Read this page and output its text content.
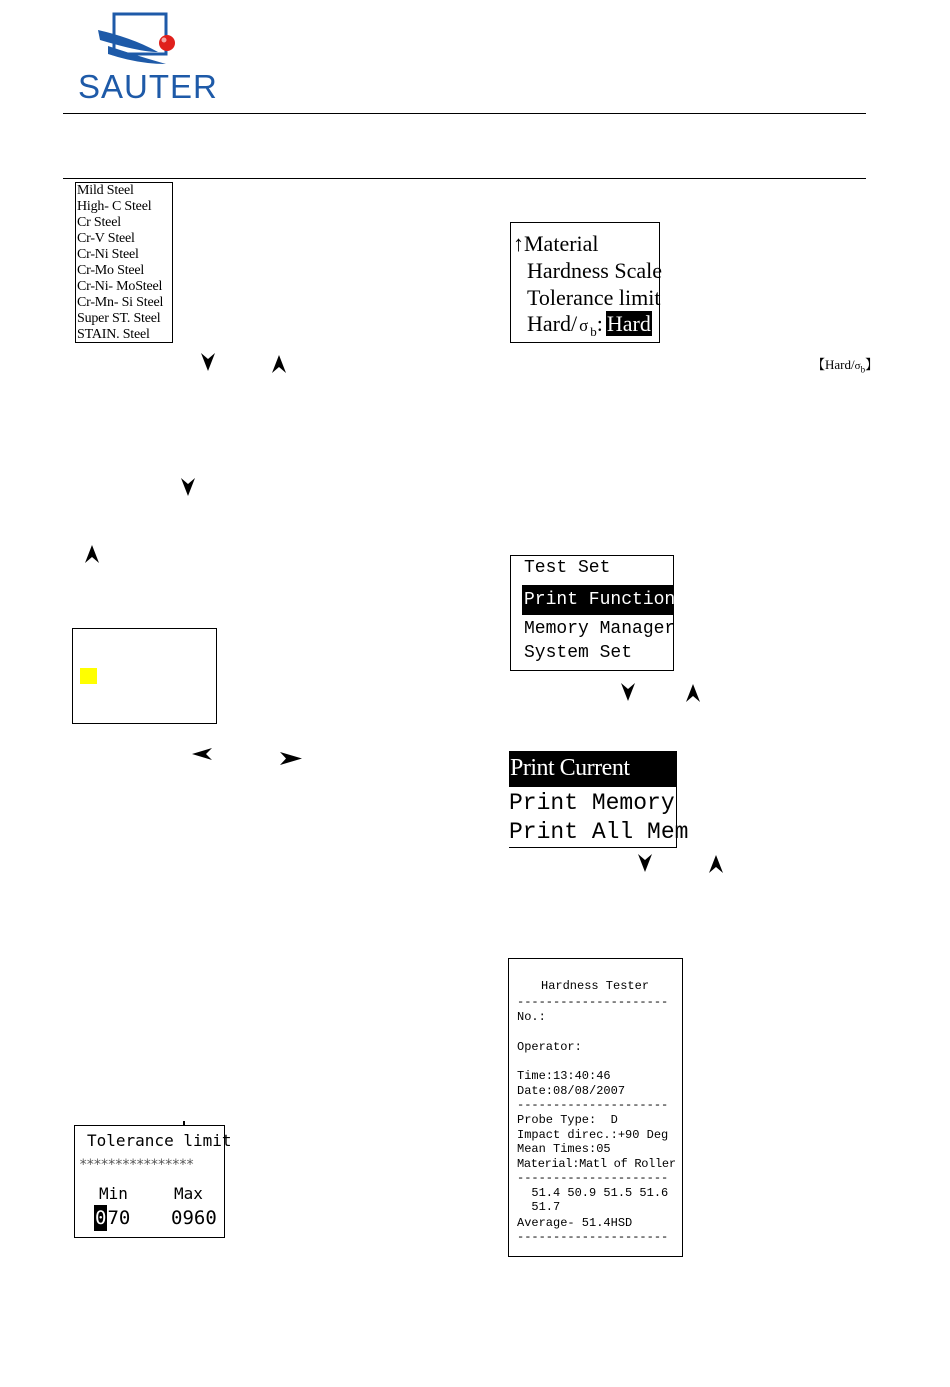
SAUTER
Mild Steel
High- C Steel
Cr Steel
Cr-V Steel
Cr-Ni Steel
Cr-Mo Steel
Cr-Ni- MoSteel
Cr-Mn- Si Steel
Super ST. Steel
STAIN. Steel
Tolerance limit
****************
Min	Max
070 0960
↑Material
Hardness Scale
Tolerance limit
Hard/ σ $_b$: Hard
【Hard/$\sigma_b$】
Test Set
Print Function
Memory Manager
System Set
Print Current
Print Memory
Print All Mem
Hardness Tester
---------------------
No.:
Operator:
Time:13:40:46
Date:08/08/2007
---------------------
Probe Type:  D
Impact direc.:+90 Deg
Mean Times:05
Material:Matl of Roller
---------------------
51.4 50.9 51.5 51.6
51.7
Average- 51.4HSD
---------------------
